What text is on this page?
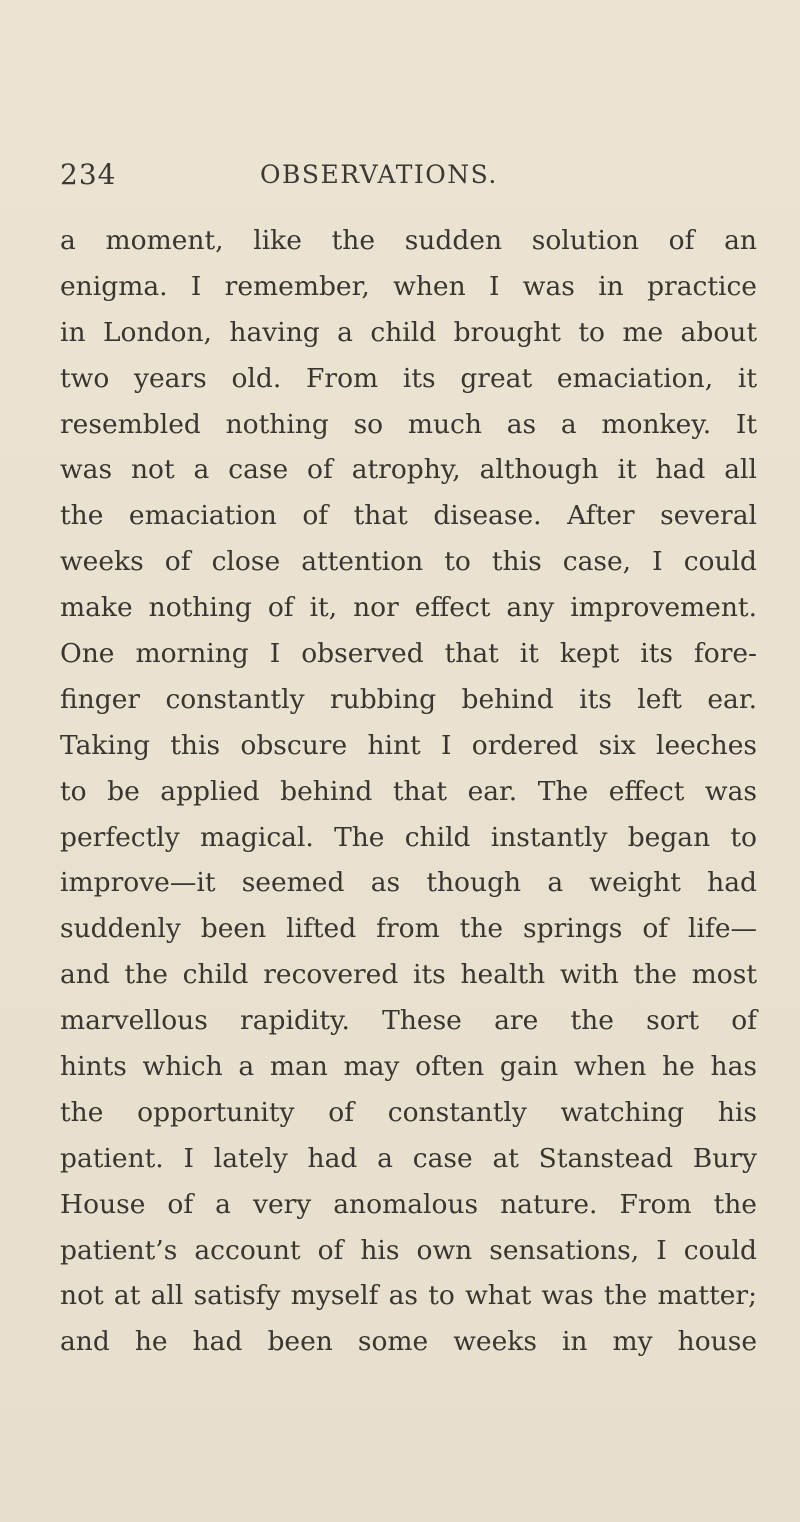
234	OBSERVATIONS.
a moment, like the sudden solution of an
enigma. I remember, when I was in practice
in London, having a child brought to me about
two years old. From its great emaciation, it
resembled nothing so much as a monkey. It
was not a case of atrophy, although it had all
the emaciation of that disease. After several
weeks of close attention to this case, I could
make nothing of it, nor effect any improvement.
One morning I observed that it kept its fore-
finger constantly rubbing behind its left ear.
Taking this obscure hint I ordered six leeches
to be applied behind that ear. The effect was
perfectly magical. The child instantly began to
improve—it seemed as though a weight had
suddenly been lifted from the springs of life—
and the child recovered its health with the most
marvellous rapidity. These are the sort of
hints which a man may often gain when he has
the opportunity of constantly watching his
patient. I lately had a case at Stanstead Bury
House of a very anomalous nature. From the
patient’s account of his own sensations, I could
not at all satisfy myself as to what was the matter;
and he had been some weeks in my house
